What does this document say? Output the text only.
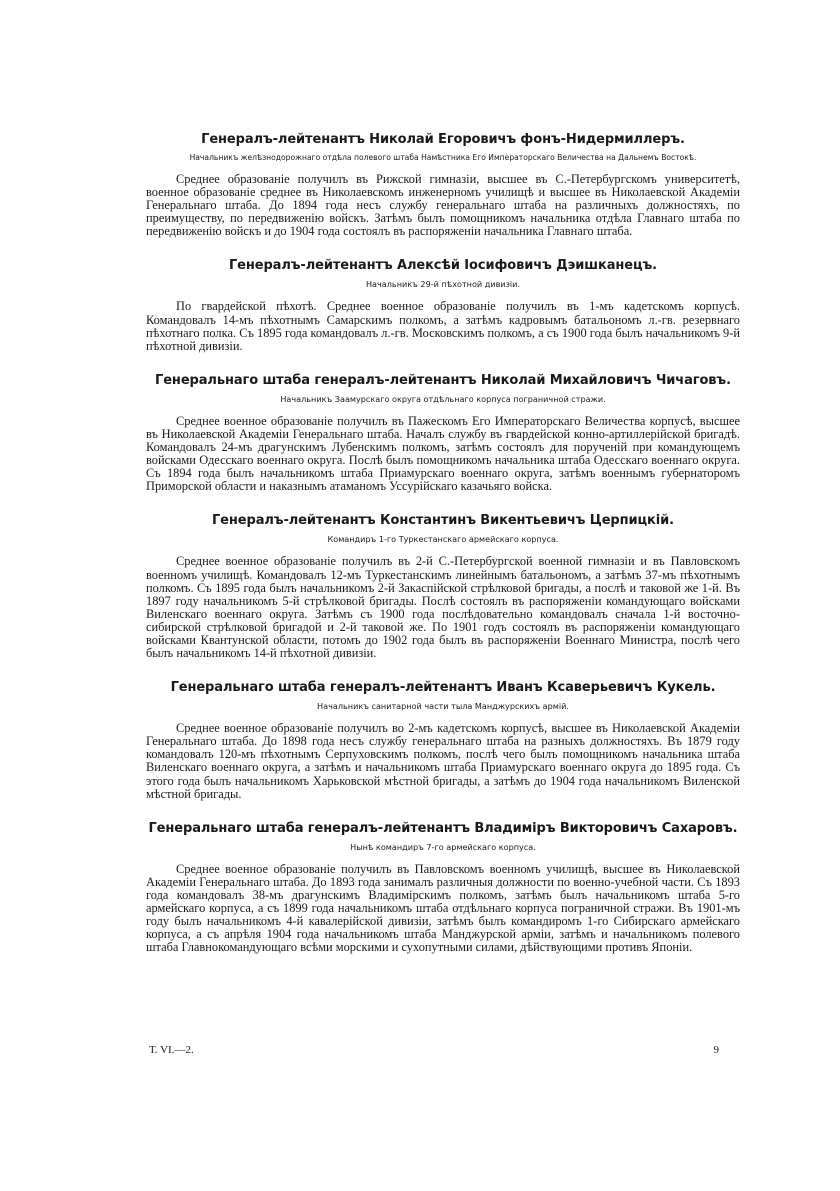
Генералъ-лейтенантъ Николай Егоровичъ фонъ-Нидермиллеръ.
Начальникъ желѣзнодорожнаго отдѣла полевого штаба Намѣстника Его Императорскаго Величества на Дальнемъ Востокѣ.

Среднее образованіе получилъ въ Рижской гимназіи, высшее въ С.-Петербургскомъ университетѣ, военное образованіе среднее въ Николаевскомъ инженерномъ училищѣ и высшее въ Николаевской Академіи Генеральнаго штаба. До 1894 года несъ службу генеральнаго штаба на различныхъ должностяхъ, по преимуществу, по передвиженію войскъ. Затѣмъ былъ помощникомъ начальника отдѣла Главнаго штаба по передвиженію войскъ и до 1904 года состоялъ въ распоряженіи начальника Главнаго штаба.

Генералъ-лейтенантъ Алексѣй Іосифовичъ Дэишканецъ.
Начальникъ 29-й пѣхотной дивизіи.

По гвардейской пѣхотѣ. Среднее военное образованіе получилъ въ 1-мъ кадетскомъ корпусѣ. Командовалъ 14-мъ пѣхотнымъ Самарскимъ полкомъ, а затѣмъ кадровымъ батальономъ л.-гв. резервнаго пѣхотнаго полка. Съ 1895 года командовалъ л.-гв. Московскимъ полкомъ, а съ 1900 года былъ начальникомъ 9-й пѣхотной дивизіи.

Генеральнаго штаба генералъ-лейтенантъ Николай Михайловичъ Чичаговъ.
Начальникъ Заамурскаго округа отдѣльнаго корпуса пограничной стражи.

Среднее военное образованіе получилъ въ Пажескомъ Его Императорскаго Величества корпусѣ, высшее въ Николаевской Академіи Генеральнаго штаба. Началъ службу въ гвардейской конно-артиллерійской бригадѣ. Командовалъ 24-мъ драгунскимъ Лубенскимъ полкомъ, затѣмъ состоялъ для порученій при командующемъ войсками Одесскаго военнаго округа. Послѣ былъ помощникомъ начальника штаба Одесскаго военнаго округа. Съ 1894 года былъ начальникомъ штаба Приамурскаго военнаго округа, затѣмъ военнымъ губернаторомъ Приморской области и наказнымъ атаманомъ Уссурійскаго казачьяго войска.

Генералъ-лейтенантъ Константинъ Викентьевичъ Церпицкій.
Командиръ 1-го Туркестанскаго армейскаго корпуса.

Среднее военное образованіе получилъ въ 2-й С.-Петербургской военной гимназіи и въ Павловскомъ военномъ училищѣ. Командовалъ 12-мъ Туркестанскимъ линейнымъ батальономъ, а затѣмъ 37-мъ пѣхотнымъ полкомъ. Съ 1895 года былъ начальникомъ 2-й Закаспійской стрѣлковой бригады, а послѣ и таковой же 1-й. Въ 1897 году начальникомъ 5-й стрѣлковой бригады. Послѣ состоялъ въ распоряженіи командующаго войсками Виленскаго военнаго округа. Затѣмъ съ 1900 года послѣдовательно командовалъ сначала 1-й восточно-сибирской стрѣлковой бригадой и 2-й таковой же. По 1901 годъ состоялъ въ распоряженіи командующаго войсками Квантунской области, потомъ до 1902 года былъ въ распоряженіи Военнаго Министра, послѣ чего былъ начальникомъ 14-й пѣхотной дивизіи.

Генеральнаго штаба генералъ-лейтенантъ Иванъ Ксаверьевичъ Кукель.
Начальникъ санитарной части тыла Манджурскихъ армій.

Среднее военное образованіе получилъ во 2-мъ кадетскомъ корпусѣ, высшее въ Николаевской Академіи Генеральнаго штаба. До 1898 года несъ службу генеральнаго штаба на разныхъ должностяхъ. Въ 1879 году командовалъ 120-мъ пѣхотнымъ Серпуховскимъ полкомъ, послѣ чего былъ помощникомъ начальника штаба Виленскаго военнаго округа, а затѣмъ и начальникомъ штаба Приамурскаго военнаго округа до 1895 года. Съ этого года былъ начальникомъ Харьковской мѣстной бригады, а затѣмъ до 1904 года начальникомъ Виленской мѣстной бригады.

Генеральнаго штаба генералъ-лейтенантъ Владиміръ Викторовичъ Сахаровъ.
Нынѣ командиръ 7-го армейскаго корпуса.

Среднее военное образованіе получилъ въ Павловскомъ военномъ училищѣ, высшее въ Николаевской Академіи Генеральнаго штаба. До 1893 года занималъ различныя должности по военно-учебной части. Съ 1893 года командовалъ 38-мъ драгунскимъ Владимірскимъ полкомъ, затѣмъ былъ начальникомъ штаба 5-го армейскаго корпуса, а съ 1899 года начальникомъ штаба отдѣльнаго корпуса пограничной стражи. Въ 1901-мъ году былъ начальникомъ 4-й кавалерійской дивизіи, затѣмъ былъ командиромъ 1-го Сибирскаго армейскаго корпуса, а съ апрѣля 1904 года начальникомъ штаба Манджурской арміи, затѣмъ и начальникомъ полевого штаба Главнокомандующаго всѣми морскими и сухопутными силами, дѣйствующими противъ Японіи.

Т. VI.—2.	9
